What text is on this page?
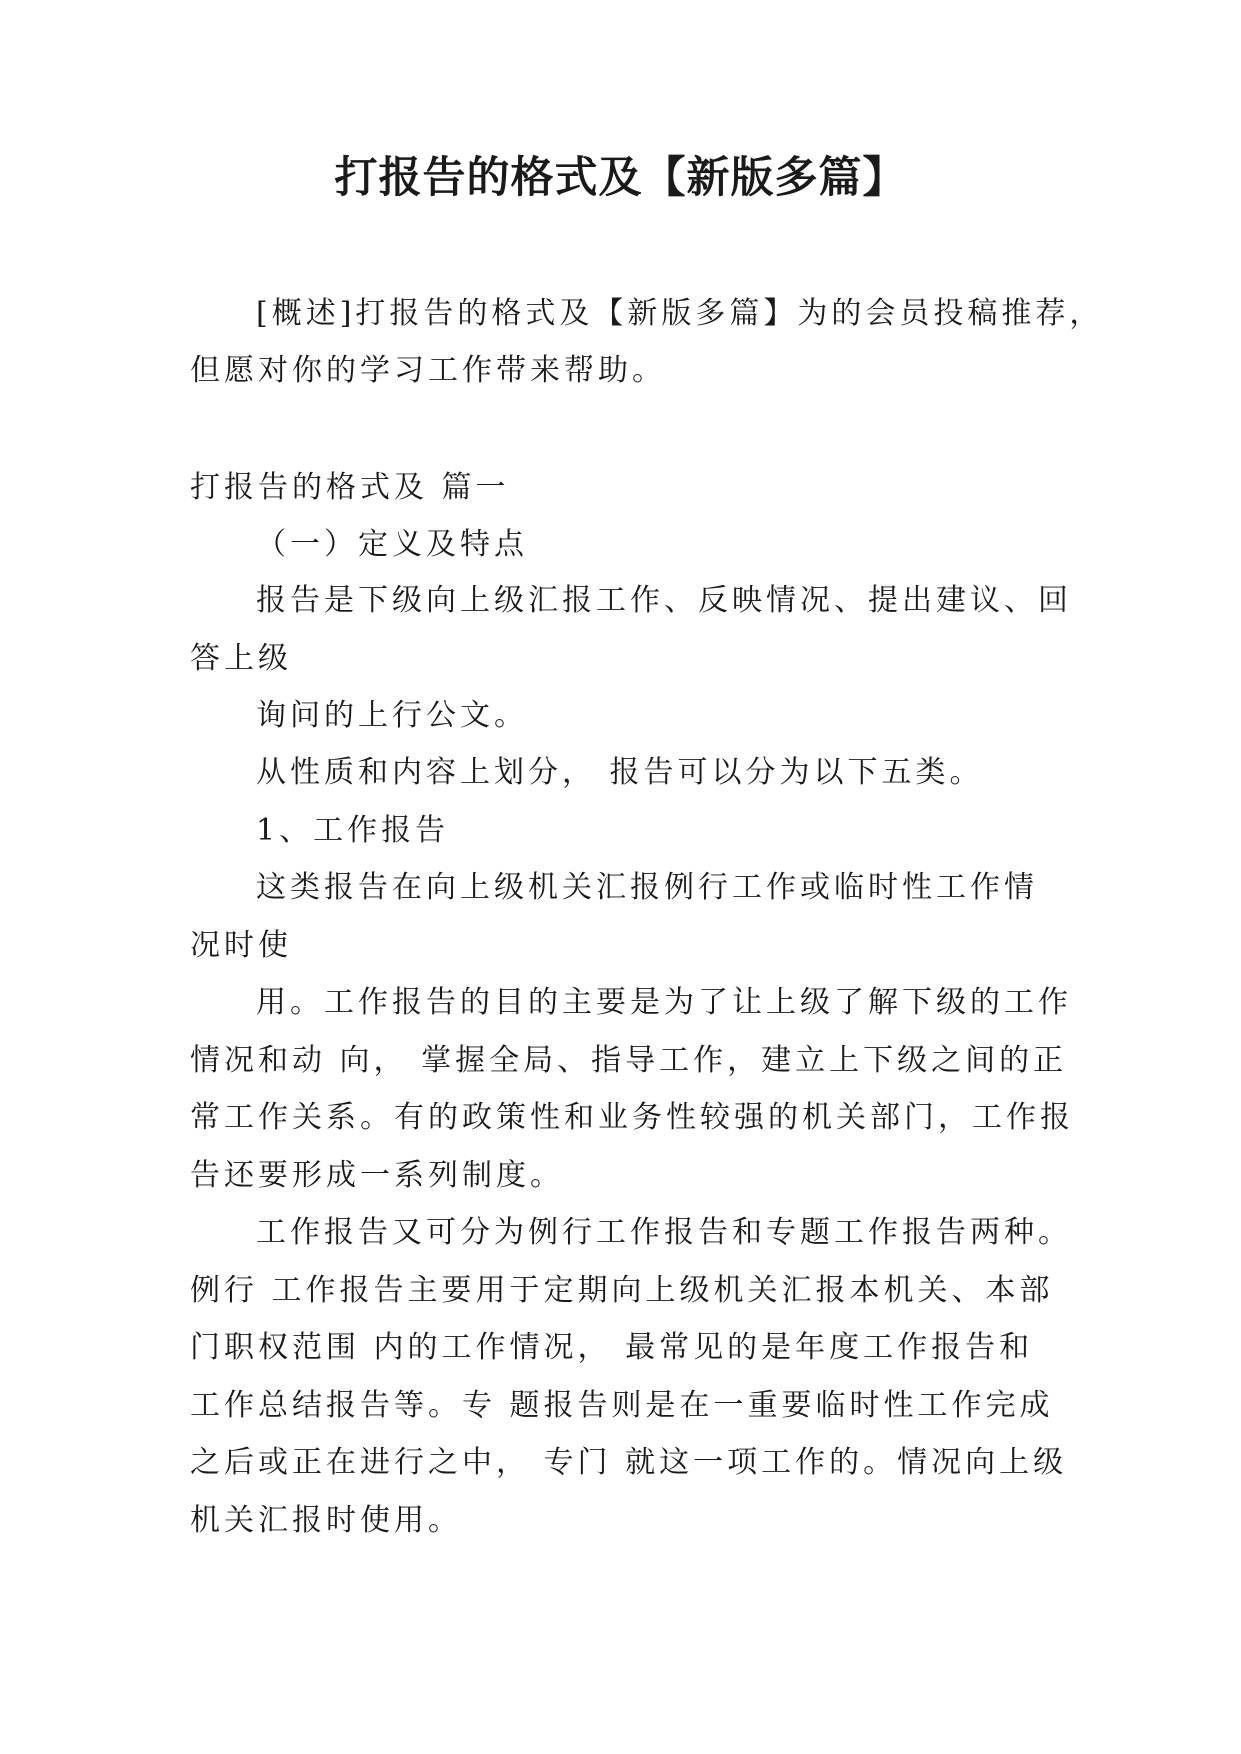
打报告的格式及【新版多篇】

[概述]打报告的格式及【新版多篇】为的会员投稿推荐，

但愿对你的学习工作带来帮助。

打报告的格式及 篇一

（一）定义及特点

报告是下级向上级汇报工作、反映情况、提出建议、回

答上级

询问的上行公文。

从性质和内容上划分， 报告可以分为以下五类。

1、工作报告

这类报告在向上级机关汇报例行工作或临时性工作情

况时使

用。工作报告的目的主要是为了让上级了解下级的工作

情况和动 向， 掌握全局、指导工作，建立上下级之间的正

常工作关系。有的政策性和业务性较强的机关部门，工作报

告还要形成一系列制度。

工作报告又可分为例行工作报告和专题工作报告两种。

例行 工作报告主要用于定期向上级机关汇报本机关、本部

门职权范围 内的工作情况， 最常见的是年度工作报告和

工作总结报告等。专 题报告则是在一重要临时性工作完成

之后或正在进行之中， 专门 就这一项工作的。情况向上级

机关汇报时使用。
